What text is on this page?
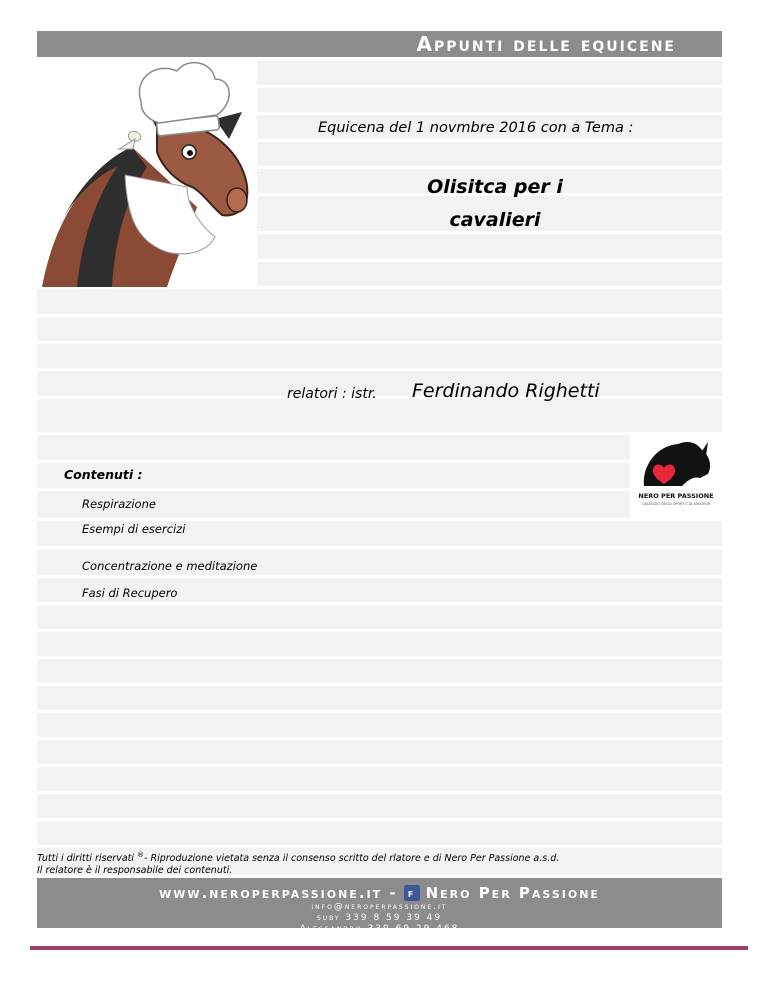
Appunti delle equicene
www.neroperpassione.it - f Nero Per Passione
info@neroperpassione.it
suby 339 8 59 39 49
Alessandro 339 69 29 468
Equicena del 1 novmbre 2016 con a Tema :
Olisitca per i
cavalieri
relatori : istr. Ferdinando Righetti
Contenuti :
Respirazione
Esempi di esercizi
Concentrazione e meditazione
Fasi di Recupero
NERO PER PASSIONE
CASEGGIO DEGLI SPORT E DI AMATEUR
Tutti i diritti riservati ®- Riproduzione vietata senza il consenso scritto del rlatore e di Nero Per Passione a.s.d.
Il relatore è il responsabile dei contenuti.
